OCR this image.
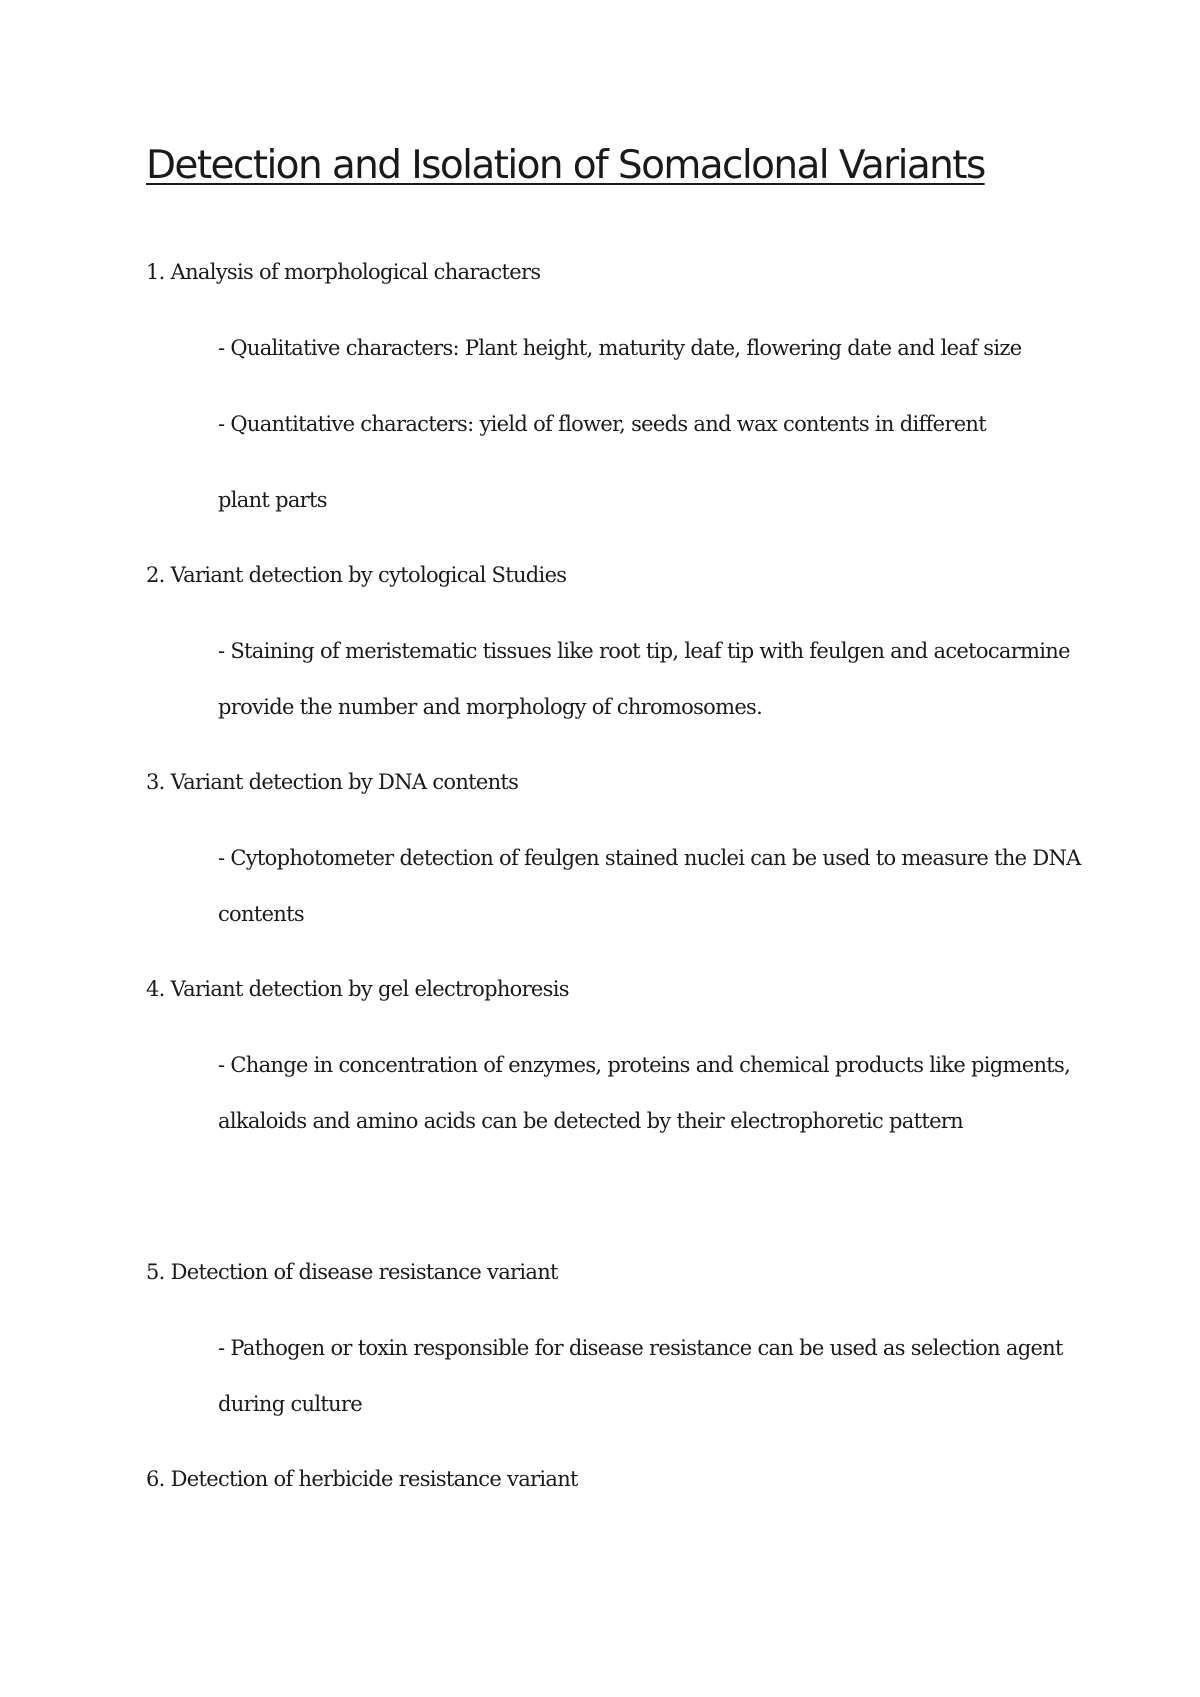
Detection and Isolation of Somaclonal Variants

1. Analysis of morphological characters

- Qualitative characters: Plant height, maturity date, flowering date and leaf size

- Quantitative characters: yield of flower, seeds and wax contents in different

plant parts

2. Variant detection by cytological Studies

- Staining of meristematic tissues like root tip, leaf tip with feulgen and acetocarmine

provide the number and morphology of chromosomes.

3. Variant detection by DNA contents

- Cytophotometer detection of feulgen stained nuclei can be used to measure the DNA

contents

4. Variant detection by gel electrophoresis

- Change in concentration of enzymes, proteins and chemical products like pigments,

alkaloids and amino acids can be detected by their electrophoretic pattern

5. Detection of disease resistance variant

- Pathogen or toxin responsible for disease resistance can be used as selection agent

during culture

6. Detection of herbicide resistance variant
